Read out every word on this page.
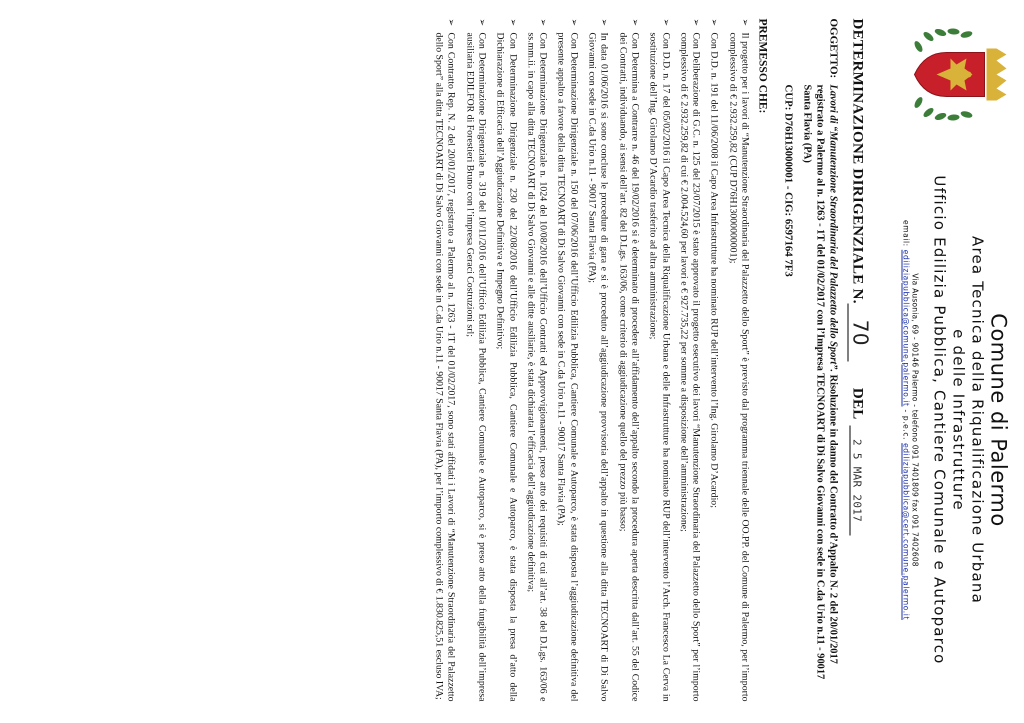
Comune di Palermo
Area Tecnica della Riqualificazione Urbana
e delle Infrastrutture
Ufficio Edilizia Pubblica, Cantiere Comunale e Autoparco
Via Ausonia, 69 - 90146 Palermo - telefono 091 7401809 fax 091 7402608
email: ediliziapubblica@comune.palermo.it - p.e.c. ediliziapubblica@cert.comune.palermo.it
DETERMINAZIONE DIRIGENZIALE N.
70
DEL
2 5 MAR 2017
OGGETTO:
Lavori di “Manutenzione Straordinaria del Palazzetto dello Sport”. Risoluzione in danno del Contratto d’Appalto N. 2 del 20/01/2017 registrato a Palermo al n. 1263 - 1T del 01/02/2017 con l’Impresa TECNOART di Di Salvo Giovanni con sede in C.da Urio n.11 - 90017 Santa Flavia (PA)
CUP: D76H13000001 - CIG: 6597164 7F3
PREMESSO CHE:
➢
Il progetto per i lavori di “Manutenzione Straordinaria del Palazzetto dello Sport” è previsto dal programma triennale delle OO.PP. del Comune di Palermo, per l’importo complessivo di € 2.932.259,82 (CUP D76H13000000001);
➢
Con D.D. n. 191 del 11/06/2008 il Capo Area Infrastrutture ha nominato RUP dell’intervento l’Ing. Girolamo D’Acardio;
➢
Con Deliberazione di G.C. n. 125 del 23/07/2015 è stato approvato il progetto esecutivo dei lavori “Manutenzione Straordinaria del Palazzetto dello Sport” per l’importo complessivo di € 2.932.259,82 di cui € 2.004.524,60 per lavori e € 927.735,22 per somme a disposizione dell’amministrazione;
➢
Con D.D. n. 17 del 05/02/2016 il Capo Area Tecnica della Riqualificazione Urbana e delle Infrastrutture ha nominato RUP dell’intervento l’Arch. Francesco La Cerva in sostituzione dell’Ing. Girolamo D’Acardio trasferito ad altra amministrazione;
➢
Con Determina a Contrarre n. 46 del 19/02/2016 si è determinato di procedere all’affidamento dell’appalto secondo la procedura aperta descritta dall’art. 55 del Codice dei Contratti, individuando, ai sensi dell’art. 82 del D.Lgs. 163/06, come criterio di aggiudicazione quello del prezzo più basso;
➢
In data 01/06/2016 si sono concluse le procedure di gara e si è proceduto all’aggiudicazione provvisoria dell’appalto in questione alla ditta TECNOART di Di Salvo Giovanni con sede in C.da Urio n.11 - 90017 Santa Flavia (PA);
➢
Con Determinazione Dirigenziale n. 150 del 07/06/2016 dell’Ufficio Edilizia Pubblica, Cantiere Comunale e Autoparco, è stata disposta l’aggiudicazione definitiva del presente appalto a favore della ditta TECNOART di Di Salvo Giovanni con sede in C.da Urio n.11 - 90017 Santa Flavia (PA);
➢
Con Determinazione Dirigenziale n. 1024 del 10/08/2016 dell’Ufficio Contratti ed Approvvigionamenti, preso atto dei requisiti di cui all’art. 38 del D.Lgs. 163/06 e ss.mm.ii. in capo alla ditta TECNOART di Di Salvo Giovanni e alle ditte ausiliarie, è stata dichiarata l’efficacia dell’aggiudicazione definitiva;
➢
Con Determinazione Dirigenziale n. 230 del 22/08/2016 dell’Ufficio Edilizia Pubblica, Cantiere Comunale e Autoparco, è stata disposta la presa d’atto della Dichiarazione di Efficacia dell’Aggiudicazione Definitiva e Impegno Definitivo;
➢
Con Determinazione Dirigenziale n. 319 del 10/11/2016 dell’Ufficio Edilizia Pubblica, Cantiere Comunale e Autoparco, si è preso atto della fungibilità dell’impresa ausiliaria EDILFOR di Forestieri Bruno con l’impresa Geraci Costruzioni srl;
➢
Con Contratto Rep. N. 2 del 20/01/2017, registrato a Palermo al n. 1263 - 1T del 01/02/2017, sono stati affidati i Lavori di “Manutenzione Straordinaria del Palazzetto dello Sport” alla ditta TECNOART di Di Salvo Giovanni con sede in C.da Urio n.11 - 90017 Santa Flavia (PA), per l’importo complessivo di € 1.830.825,51 escluso IVA;
